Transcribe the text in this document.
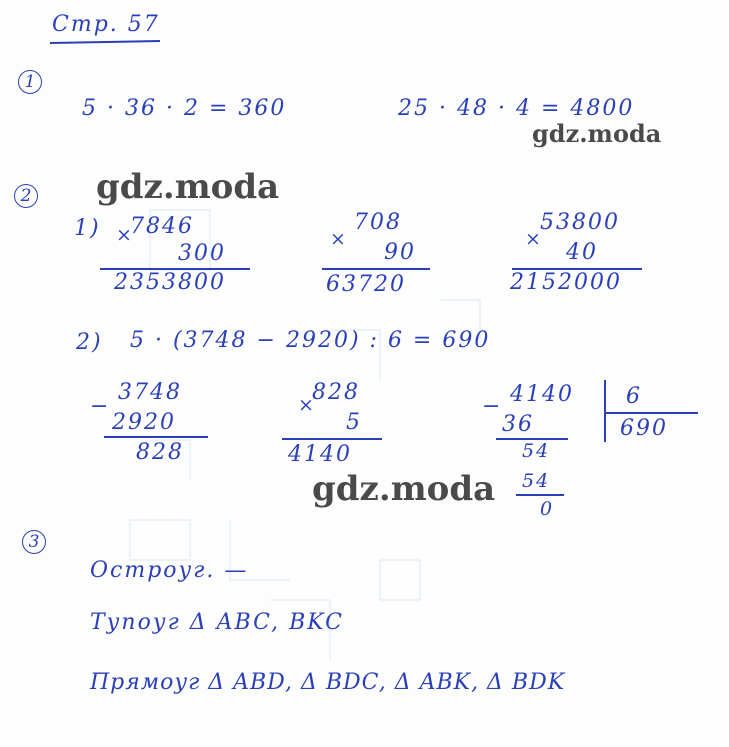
Стр. 57
1
5 · 36 · 2 = 360	25 · 48 · 4 = 4800
2
1) ×
7846
300
2353800
×
708
90
63720
×
53800
40
2152000
2) 5 · (3748 − 2920) : 6 = 690
−
3748
2920
828
×
828
5
4140
− 4140 6
690
36
54
54
0
3
Остроуг. —
Тупоуг Δ ABC, BKC
Прямоуг Δ ABD, Δ BDC, Δ ABK, Δ BDK
gdz.moda
gdz.moda
gdz.moda
